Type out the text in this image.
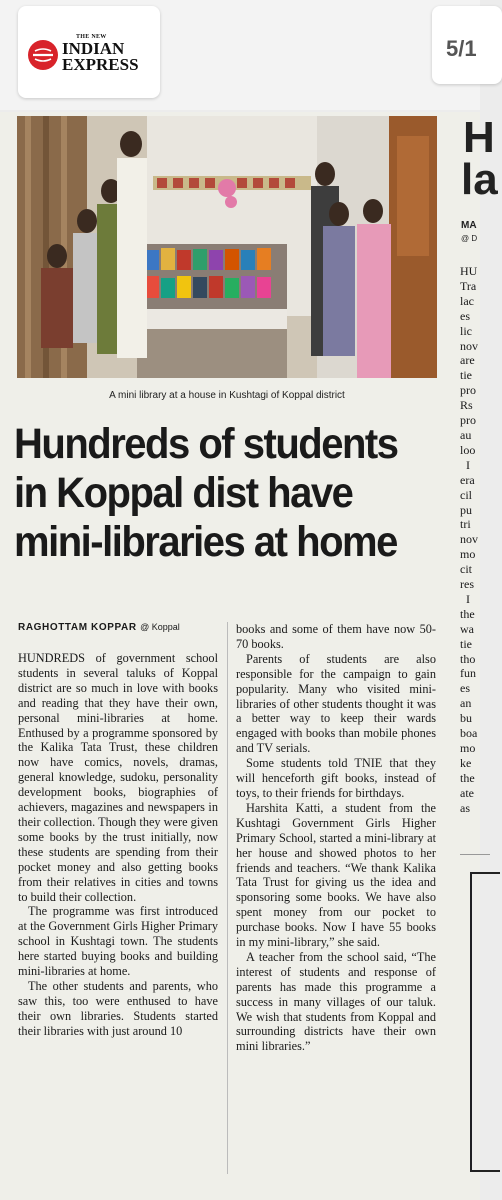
THE NEW
INDIAN
EXPRESS
5/1
A mini library at a house in Kushtagi of Koppal district
Hundreds of students
in Koppal dist have
mini-libraries at home
RAGHOTTAM KOPPAR @ Koppal

HUNDREDS of government school students in several taluks of Koppal district are so much in love with books and reading that they have their own, personal mini-libraries at home. Enthused by a programme sponsored by the Kalika Tata Trust, these children now have comics, novels, dramas, general knowledge, sudoku, personality development books, biographies of achievers, magazines and newspapers in their collection. Though they were given some books by the trust initially, now these students are spending from their pocket money and also getting books from their relatives in cities and towns to build their collection.

The programme was first introduced at the Government Girls Higher Primary school in Kushtagi town. The students here started buying books and building mini-libraries at home.

The other students and parents, who saw this, too were enthused to have their own libraries. Students started their libraries with just around 10

books and some of them have now 50-70 books.

Parents of students are also responsible for the campaign to gain popularity. Many who visited mini-libraries of other students thought it was a better way to keep their wards engaged with books than mobile phones and TV serials.

Some students told TNIE that they will henceforth gift books, instead of toys, to their friends for birthdays.

Harshita Katti, a student from the Kushtagi Government Girls Higher Primary School, started a mini-library at her house and showed photos to her friends and teachers. “We thank Kalika Tata Trust for giving us the idea and sponsoring some books. We have also spent money from our pocket to purchase books. Now I have 55 books in my mini-library,” she said.

A teacher from the school said, “The interest of students and response of parents has made this programme a success in many villages of our taluk. We wish that students from Koppal and surrounding districts have their own mini libraries.”

H
la
MA
@ D
HU
Tra
lac
es
lic
nov
are
tie
pro
Rs
pro
au
loo
I
era
cil
pu
tri
nov
mo
cit
res
I
the
wa
tie
tho
fun
es
an
bu
boa
mo
ke
the
ate
as
